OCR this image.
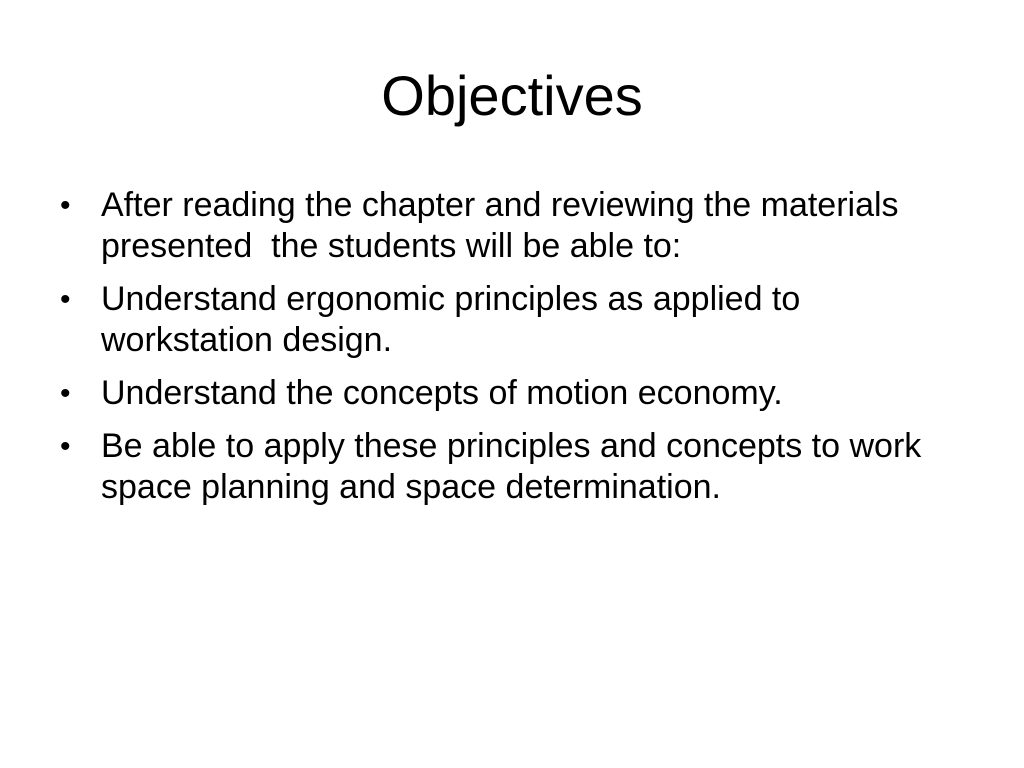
Objectives
• After reading the chapter and reviewing the materials presented  the students will be able to:
• Understand ergonomic principles as applied to workstation design.
• Understand the concepts of motion economy.
• Be able to apply these principles and concepts to work space planning and space determination.
